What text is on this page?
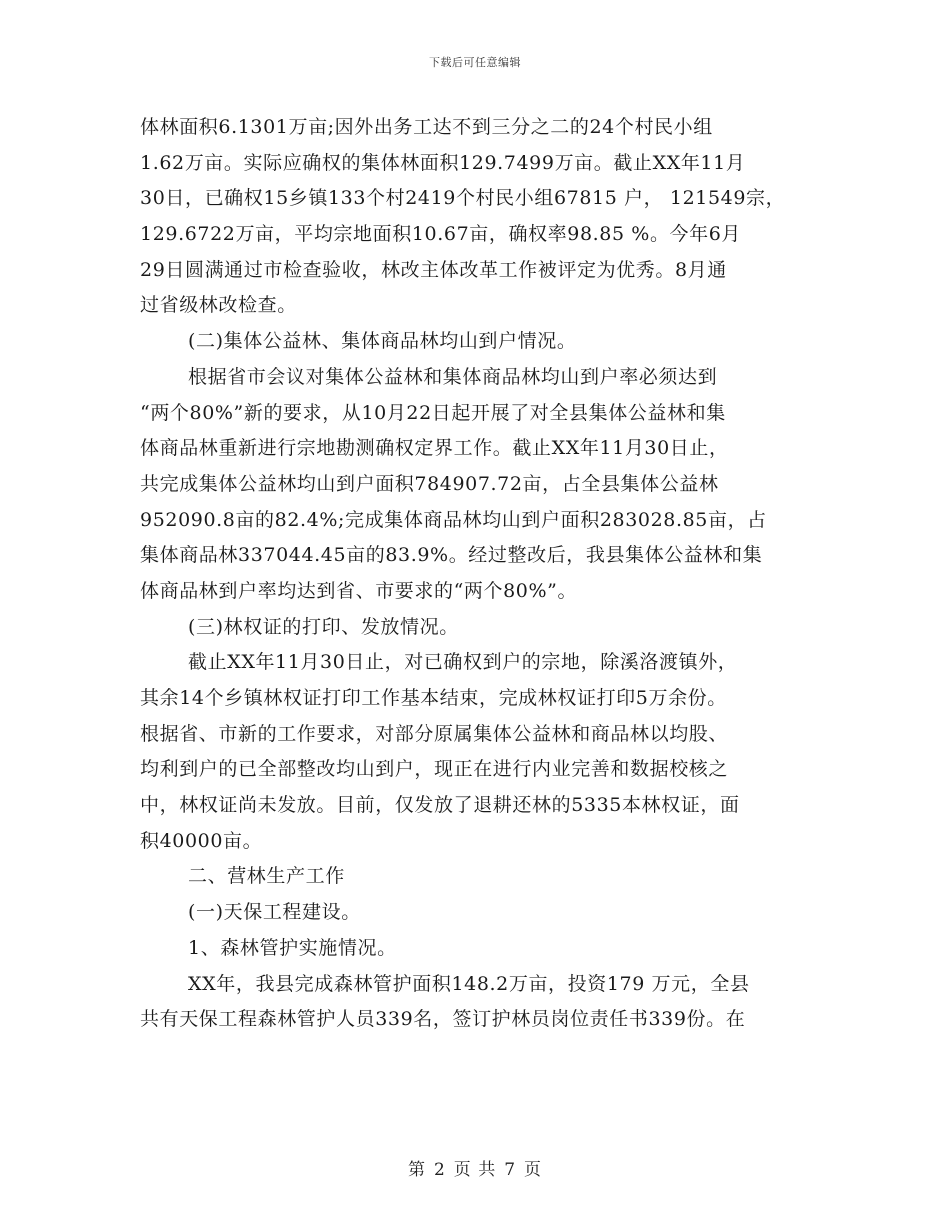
下载后可任意编辑
体林面积6.1301万亩;因外出务工达不到三分之二的24个村民小组
1.62万亩。实际应确权的集体林面积129.7499万亩。截止XX年11月
30日，已确权15乡镇133个村2419个村民小组67815 户， 121549宗，
129.6722万亩，平均宗地面积10.67亩，确权率98.85 %。今年6月
29日圆满通过市检查验收，林改主体改革工作被评定为优秀。8月通
过省级林改检查。
(二)集体公益林、集体商品林均山到户情况。
根据省市会议对集体公益林和集体商品林均山到户率必须达到
“两个80%”新的要求，从10月22日起开展了对全县集体公益林和集
体商品林重新进行宗地勘测确权定界工作。截止XX年11月30日止，
共完成集体公益林均山到户面积784907.72亩，占全县集体公益林
952090.8亩的82.4%;完成集体商品林均山到户面积283028.85亩，占
集体商品林337044.45亩的83.9%。经过整改后，我县集体公益林和集
体商品林到户率均达到省、市要求的“两个80%”。
(三)林权证的打印、发放情况。
截止XX年11月30日止，对已确权到户的宗地，除溪洛渡镇外，
其余14个乡镇林权证打印工作基本结束，完成林权证打印5万余份。
根据省、市新的工作要求，对部分原属集体公益林和商品林以均股、
均利到户的已全部整改均山到户，现正在进行内业完善和数据校核之
中，林权证尚未发放。目前，仅发放了退耕还林的5335本林权证，面
积40000亩。
二、营林生产工作
(一)天保工程建设。
1、森林管护实施情况。
XX年，我县完成森林管护面积148.2万亩，投资179 万元，全县
共有天保工程森林管护人员339名，签订护林员岗位责任书339份。在
第 2 页 共 7 页
